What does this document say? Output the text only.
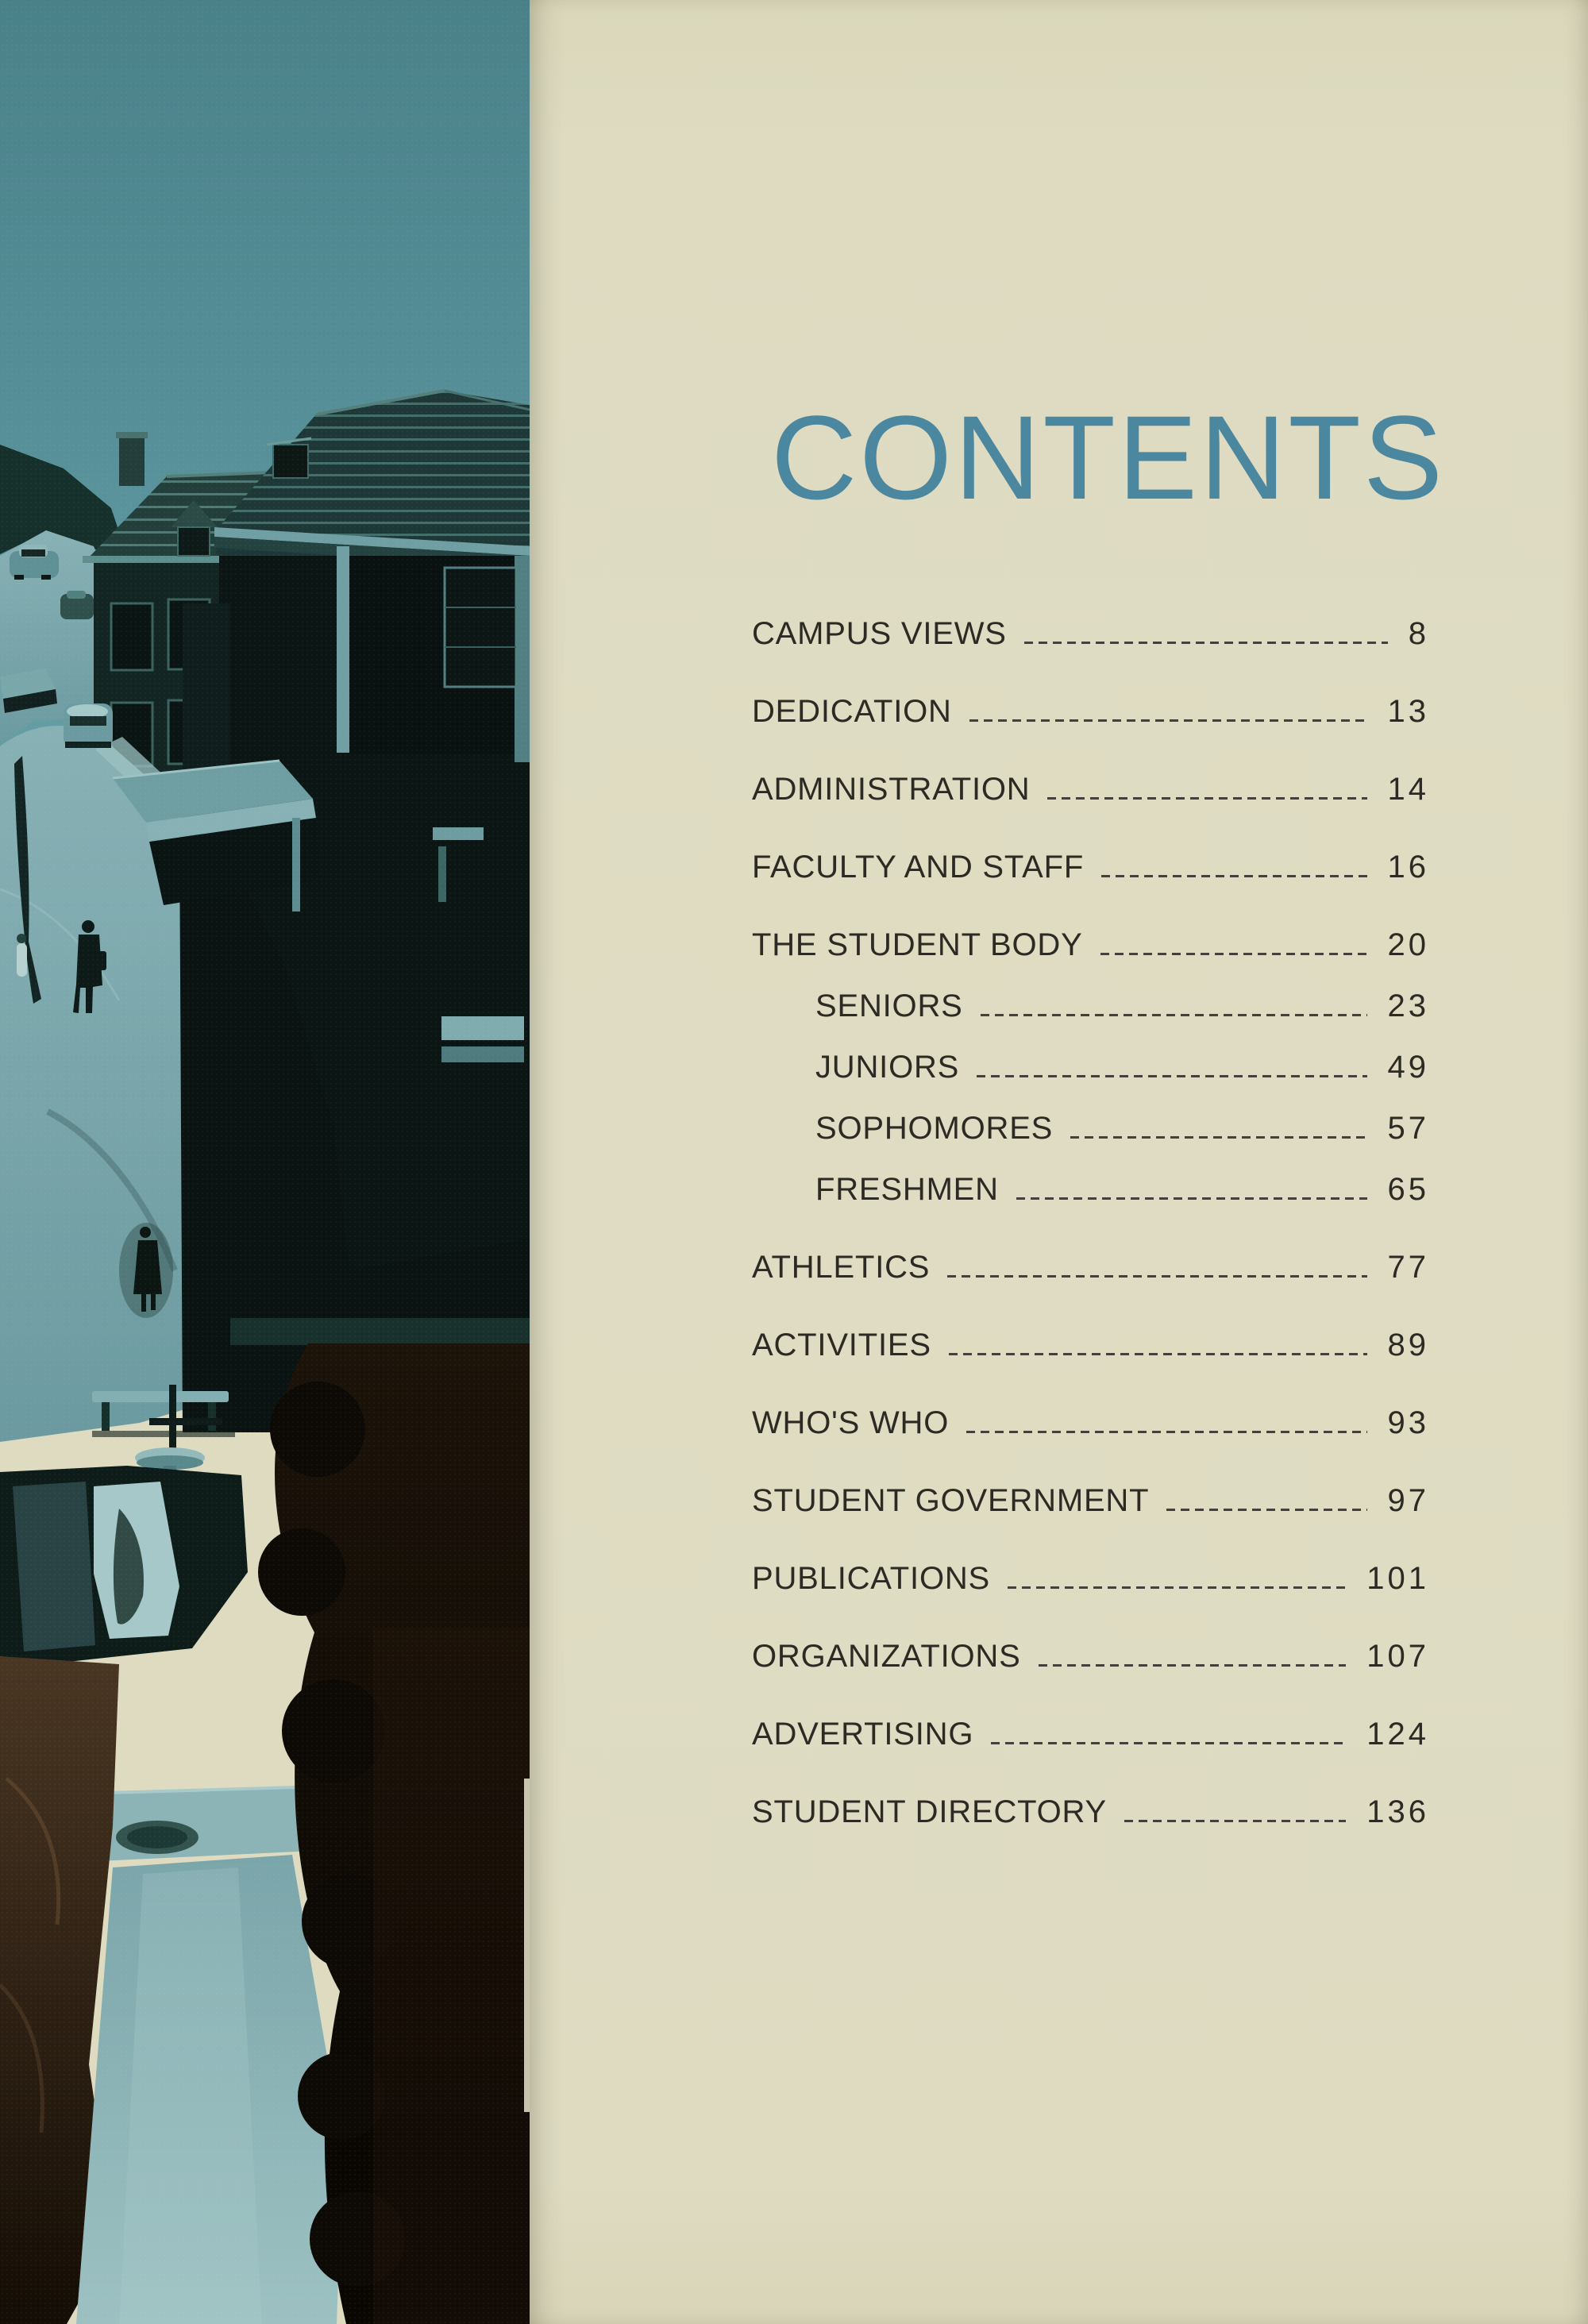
CONTENTS
CAMPUS VIEWS	8
DEDICATION	13
ADMINISTRATION	14
FACULTY AND STAFF	16
THE STUDENT BODY	20
SENIORS	23
JUNIORS	49
SOPHOMORES	57
FRESHMEN	65
ATHLETICS	77
ACTIVITIES	89
WHO'S WHO	93
STUDENT GOVERNMENT	97
PUBLICATIONS	101
ORGANIZATIONS	107
ADVERTISING	124
STUDENT DIRECTORY	136
